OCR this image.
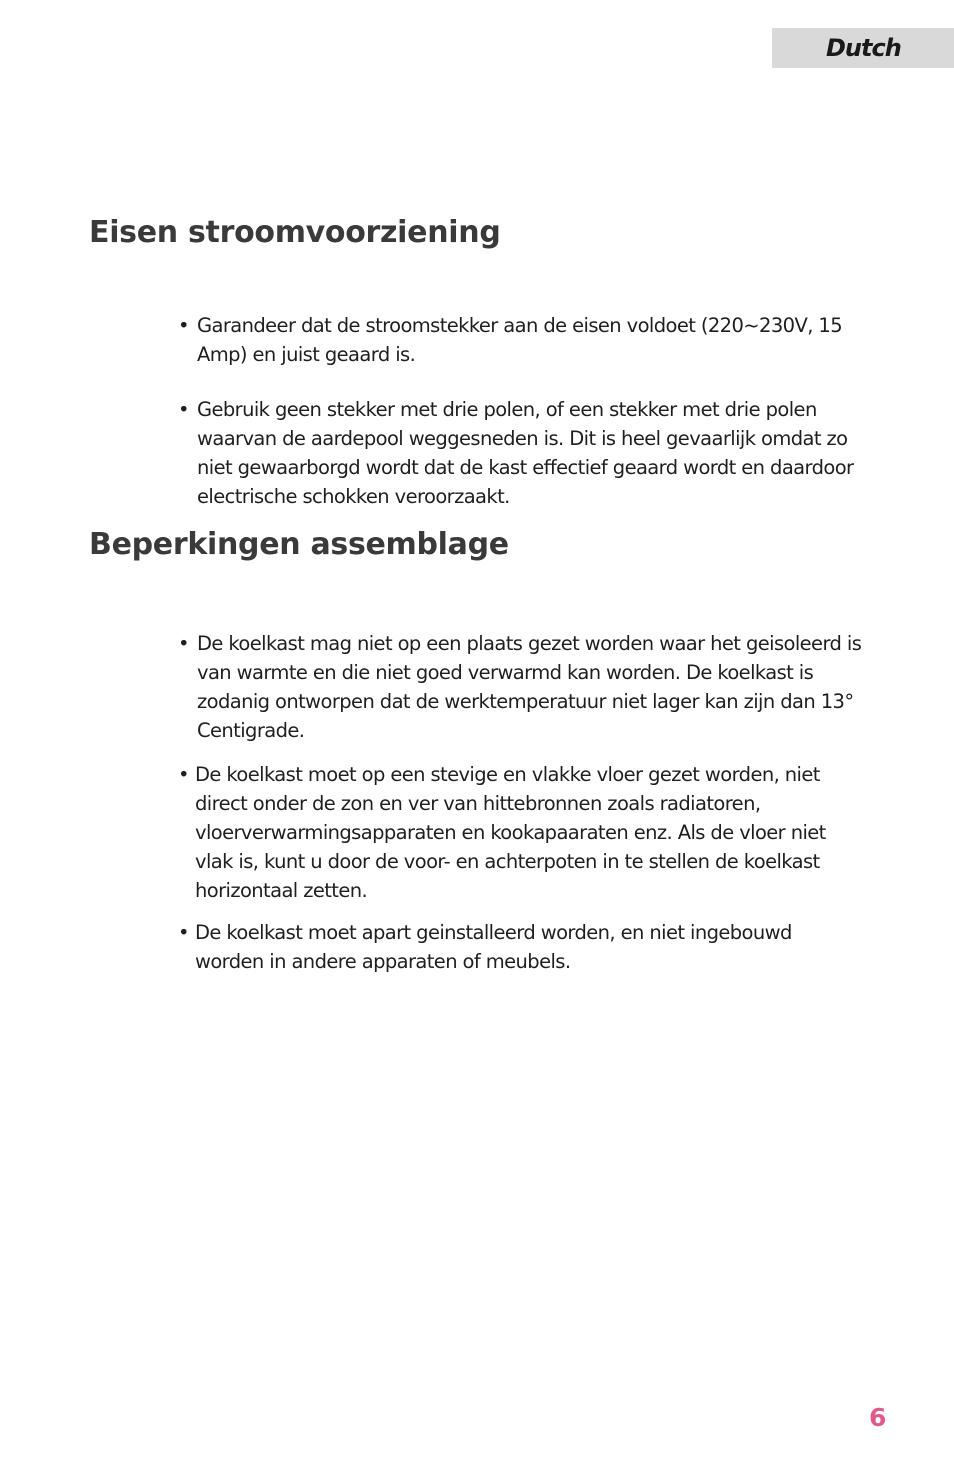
Dutch
Eisen stroomvoorziening

• Garandeer dat de stroomstekker aan de eisen voldoet (220~230V, 15 Amp) en juist geaard is.

• Gebruik geen stekker met drie polen, of een stekker met drie polen waarvan de aardepool weggesneden is. Dit is heel gevaarlijk omdat zo niet gewaarborgd wordt dat de kast effectief geaard wordt en daardoor electrische schokken veroorzaakt.

Beperkingen assemblage

• De koelkast mag niet op een plaats gezet worden waar het geisoleerd is van warmte en die niet goed verwarmd kan worden. De koelkast is zodanig ontworpen dat de werktemperatuur niet lager kan zijn dan 13° Centigrade.

• De koelkast moet op een stevige en vlakke vloer gezet worden, niet direct onder de zon en ver van hittebronnen zoals radiatoren, vloerverwarmingsapparaten en kookapaaraten enz. Als de vloer niet vlak is, kunt u door de voor- en achterpoten in te stellen de koelkast horizontaal zetten.

• De koelkast moet apart geinstalleerd worden, en niet ingebouwd worden in andere apparaten of meubels.

6
